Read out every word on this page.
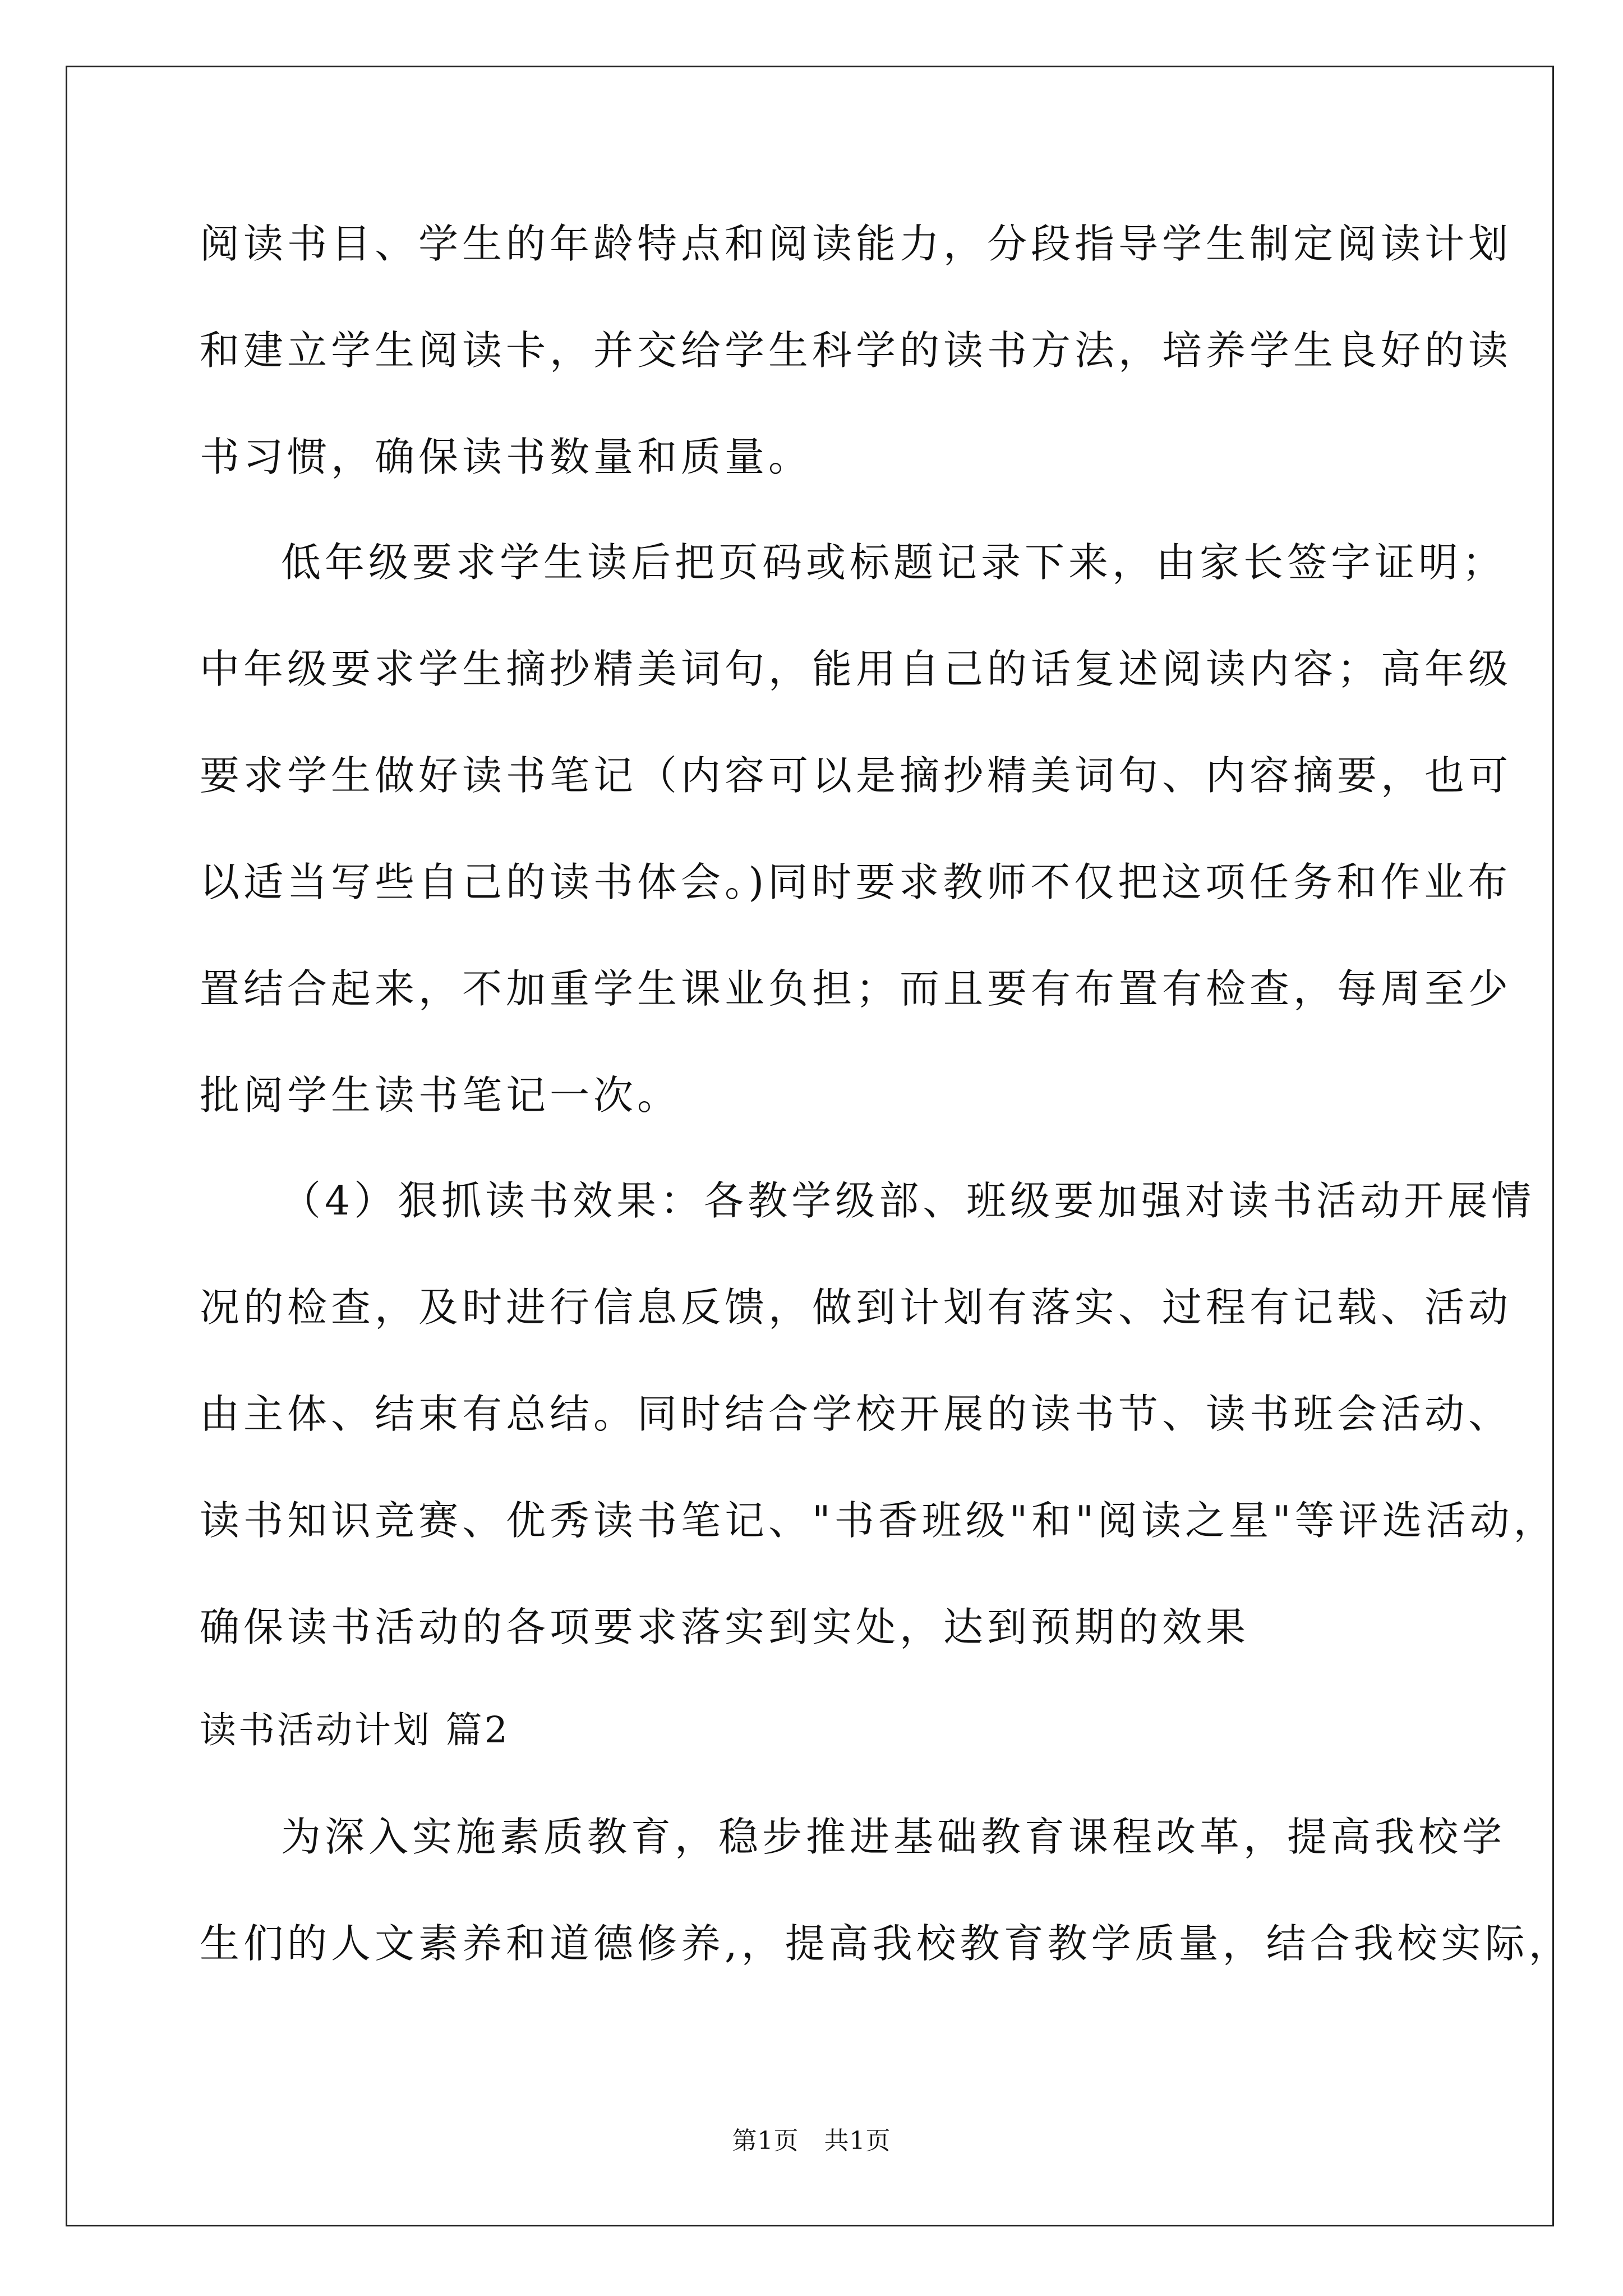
阅读书目、学生的年龄特点和阅读能力，分段指导学生制定阅读计划
和建立学生阅读卡，并交给学生科学的读书方法，培养学生良好的读
书习惯，确保读书数量和质量。
低年级要求学生读后把页码或标题记录下来，由家长签字证明；
中年级要求学生摘抄精美词句，能用自己的话复述阅读内容；高年级
要求学生做好读书笔记（内容可以是摘抄精美词句、内容摘要，也可
以适当写些自己的读书体会。)同时要求教师不仅把这项任务和作业布
置结合起来，不加重学生课业负担；而且要有布置有检查，每周至少
批阅学生读书笔记一次。
（4）狠抓读书效果：各教学级部、班级要加强对读书活动开展情
况的检查，及时进行信息反馈，做到计划有落实、过程有记载、活动
由主体、结束有总结。同时结合学校开展的读书节、读书班会活动、
读书知识竞赛、优秀读书笔记、"书香班级"和"阅读之星"等评选活动，
确保读书活动的各项要求落实到实处，达到预期的效果
读书活动计划 篇2
为深入实施素质教育，稳步推进基础教育课程改革，提高我校学
生们的人文素养和道德修养,，提高我校教育教学质量，结合我校实际，
第1页　共1页
